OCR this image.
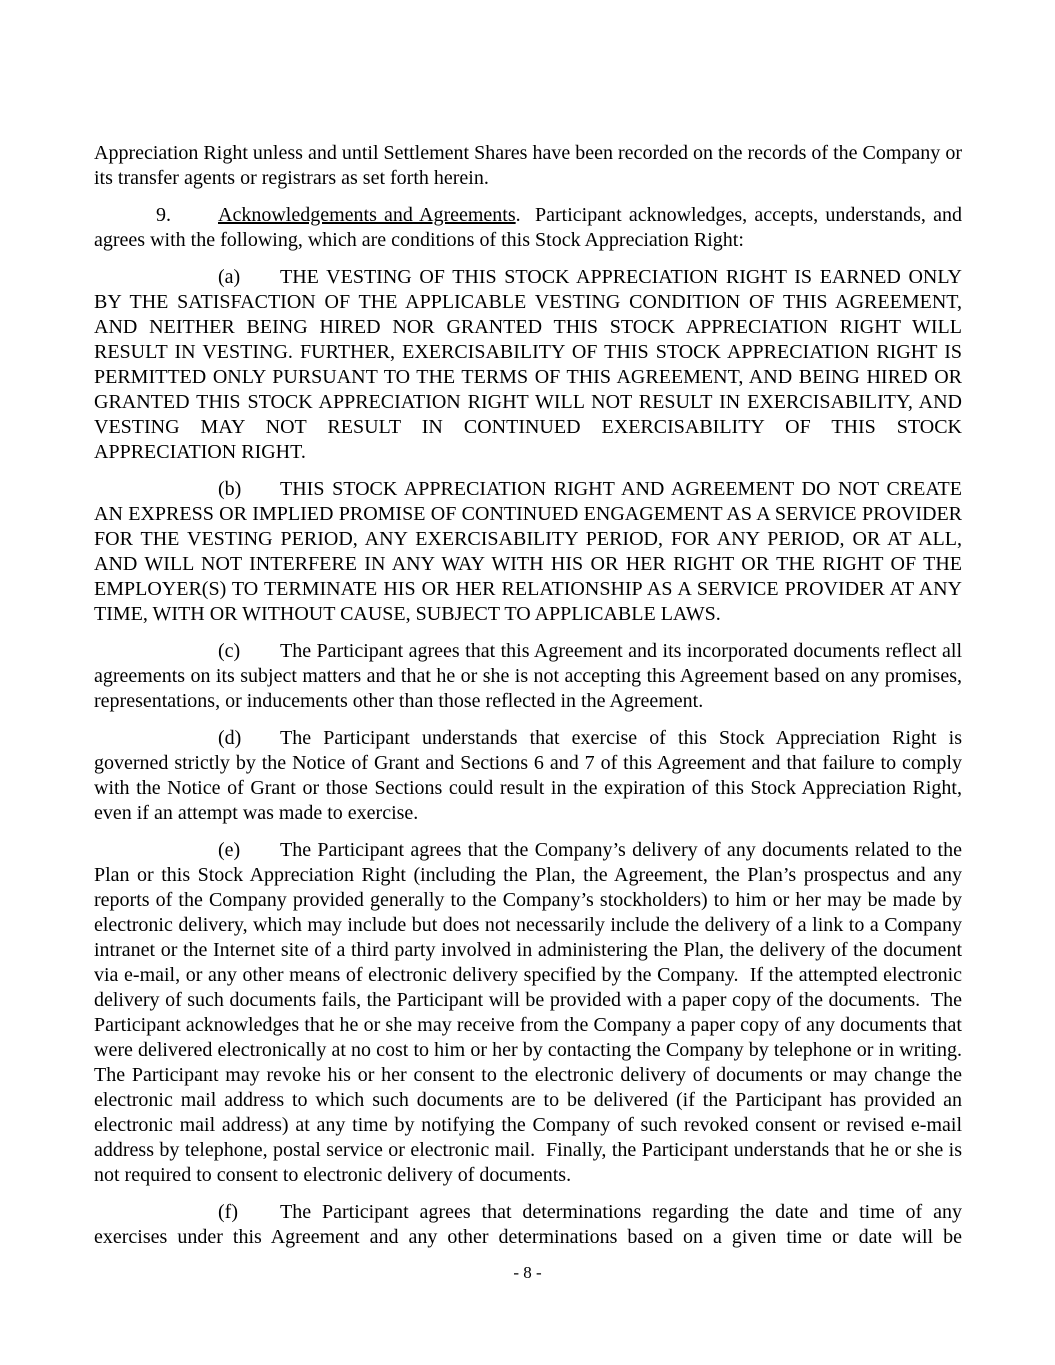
Appreciation Right unless and until Settlement Shares have been recorded on the records of the Company or its transfer agents or registrars as set forth herein.

9. Acknowledgements and Agreements.  Participant acknowledges, accepts, understands, and agrees with the following, which are conditions of this Stock Appreciation Right:

(a) THE VESTING OF THIS STOCK APPRECIATION RIGHT IS EARNED ONLY BY THE SATISFACTION OF THE APPLICABLE VESTING CONDITION OF THIS AGREEMENT, AND NEITHER BEING HIRED NOR GRANTED THIS STOCK APPRECIATION RIGHT WILL RESULT IN VESTING. FURTHER, EXERCISABILITY OF THIS STOCK APPRECIATION RIGHT IS PERMITTED ONLY PURSUANT TO THE TERMS OF THIS AGREEMENT, AND BEING HIRED OR GRANTED THIS STOCK APPRECIATION RIGHT WILL NOT RESULT IN EXERCISABILITY, AND VESTING MAY NOT RESULT IN CONTINUED EXERCISABILITY OF THIS STOCK APPRECIATION RIGHT.

(b) THIS STOCK APPRECIATION RIGHT AND AGREEMENT DO NOT CREATE AN EXPRESS OR IMPLIED PROMISE OF CONTINUED ENGAGEMENT AS A SERVICE PROVIDER FOR THE VESTING PERIOD, ANY EXERCISABILITY PERIOD, FOR ANY PERIOD, OR AT ALL, AND WILL NOT INTERFERE IN ANY WAY WITH HIS OR HER RIGHT OR THE RIGHT OF THE EMPLOYER(S) TO TERMINATE HIS OR HER RELATIONSHIP AS A SERVICE PROVIDER AT ANY TIME, WITH OR WITHOUT CAUSE, SUBJECT TO APPLICABLE LAWS.

(c) The Participant agrees that this Agreement and its incorporated documents reflect all agreements on its subject matters and that he or she is not accepting this Agreement based on any promises, representations, or inducements other than those reflected in the Agreement.

(d) The Participant understands that exercise of this Stock Appreciation Right is governed strictly by the Notice of Grant and Sections 6 and 7 of this Agreement and that failure to comply with the Notice of Grant or those Sections could result in the expiration of this Stock Appreciation Right, even if an attempt was made to exercise.

(e) The Participant agrees that the Company’s delivery of any documents related to the Plan or this Stock Appreciation Right (including the Plan, the Agreement, the Plan’s prospectus and any reports of the Company provided generally to the Company’s stockholders) to him or her may be made by electronic delivery, which may include but does not necessarily include the delivery of a link to a Company intranet or the Internet site of a third party involved in administering the Plan, the delivery of the document via e-mail, or any other means of electronic delivery specified by the Company.  If the attempted electronic delivery of such documents fails, the Participant will be provided with a paper copy of the documents.  The Participant acknowledges that he or she may receive from the Company a paper copy of any documents that were delivered electronically at no cost to him or her by contacting the Company by telephone or in writing.  The Participant may revoke his or her consent to the electronic delivery of documents or may change the electronic mail address to which such documents are to be delivered (if the Participant has provided an electronic mail address) at any time by notifying the Company of such revoked consent or revised e-mail address by telephone, postal service or electronic mail.  Finally, the Participant understands that he or she is not required to consent to electronic delivery of documents.

(f) The Participant agrees that determinations regarding the date and time of any exercises under this Agreement and any other determinations based on a given time or date will be

- 8 -
